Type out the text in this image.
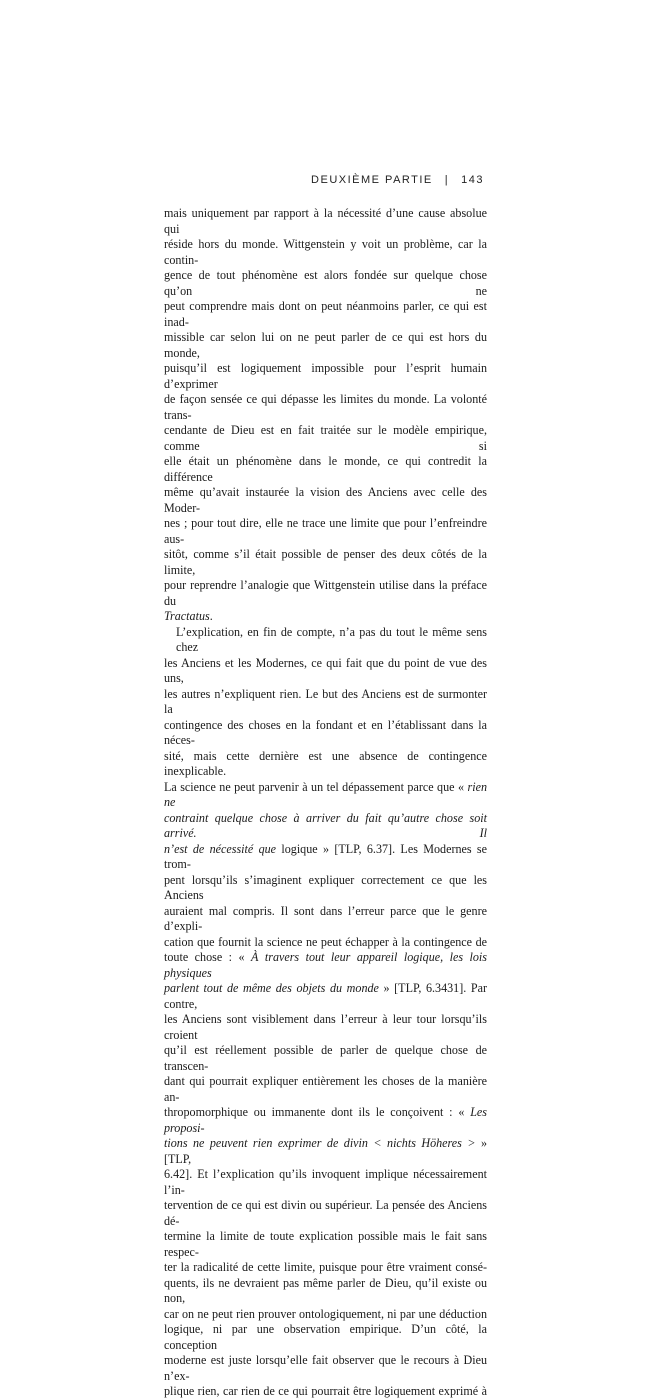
DEUXIÈME PARTIE | 143

mais uniquement par rapport à la nécessité d’une cause absolue qui
réside hors du monde. Wittgenstein y voit un problème, car la contin-
gence de tout phénomène est alors fondée sur quelque chose qu’on ne
peut comprendre mais dont on peut néanmoins parler, ce qui est inad-
missible car selon lui on ne peut parler de ce qui est hors du monde,
puisqu’il est logiquement impossible pour l’esprit humain d’exprimer
de façon sensée ce qui dépasse les limites du monde. La volonté trans-
cendante de Dieu est en fait traitée sur le modèle empirique, comme si
elle était un phénomène dans le monde, ce qui contredit la différence
même qu’avait instaurée la vision des Anciens avec celle des Moder-
nes ; pour tout dire, elle ne trace une limite que pour l’enfreindre aus-
sitôt, comme s’il était possible de penser des deux côtés de la limite,
pour reprendre l’analogie que Wittgenstein utilise dans la préface du
Tractatus.

L’explication, en fin de compte, n’a pas du tout le même sens chez
les Anciens et les Modernes, ce qui fait que du point de vue des uns,
les autres n’expliquent rien. Le but des Anciens est de surmonter la
contingence des choses en la fondant et en l’établissant dans la néces-
sité, mais cette dernière est une absence de contingence inexplicable.
La science ne peut parvenir à un tel dépassement parce que « rien ne
contraint quelque chose à arriver du fait qu’autre chose soit arrivé. Il
n’est de nécessité que logique » [TLP, 6.37]. Les Modernes se trom-
pent lorsqu’ils s’imaginent expliquer correctement ce que les Anciens
auraient mal compris. Il sont dans l’erreur parce que le genre d’expli-
cation que fournit la science ne peut échapper à la contingence de
toute chose : « À travers tout leur appareil logique, les lois physiques
parlent tout de même des objets du monde » [TLP, 6.3431]. Par contre,
les Anciens sont visiblement dans l’erreur à leur tour lorsqu’ils croient
qu’il est réellement possible de parler de quelque chose de transcen-
dant qui pourrait expliquer entièrement les choses de la manière an-
thropomorphique ou immanente dont ils le conçoivent : « Les proposi-
tions ne peuvent rien exprimer de divin < nichts Höheres > » [TLP,
6.42]. Et l’explication qu’ils invoquent implique nécessairement l’in-
tervention de ce qui est divin ou supérieur. La pensée des Anciens dé-
termine la limite de toute explication possible mais le fait sans respec-
ter la radicalité de cette limite, puisque pour être vraiment consé-
quents, ils ne devraient pas même parler de Dieu, qu’il existe ou non,
car on ne peut rien prouver ontologiquement, ni par une déduction
logique, ni par une observation empirique. D’un côté, la conception
moderne est juste lorsqu’elle fait observer que le recours à Dieu n’ex-
plique rien, car rien de ce qui pourrait être logiquement exprimé à
